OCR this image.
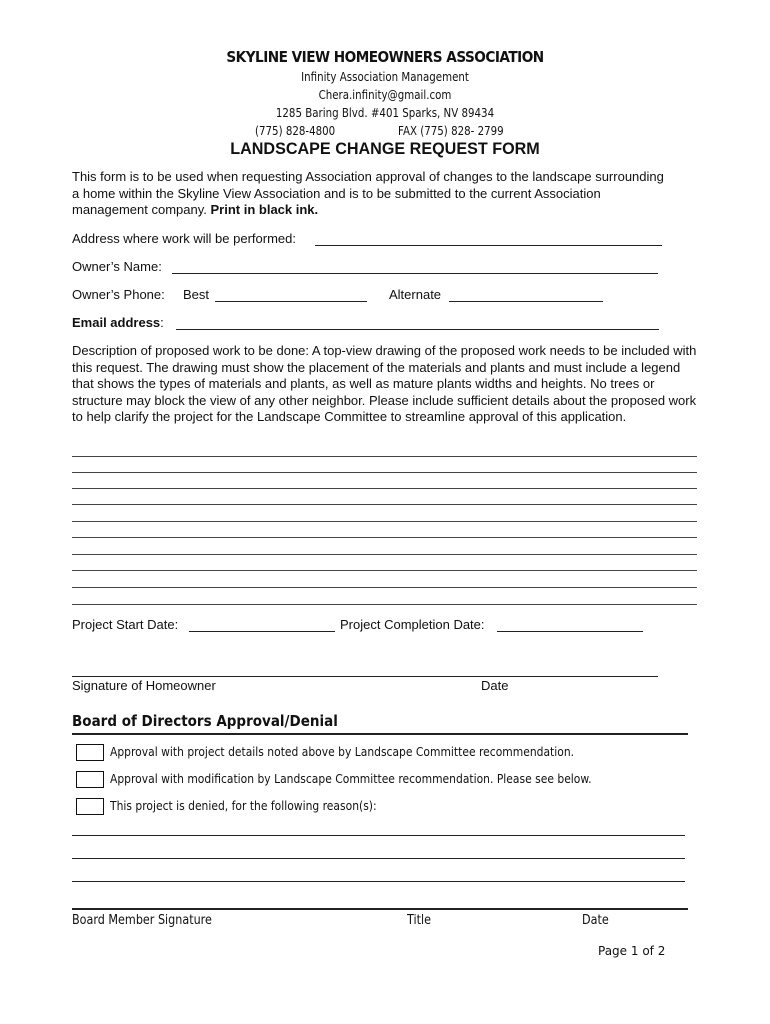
SKYLINE VIEW HOMEOWNERS ASSOCIATION
Infinity Association Management
Chera.infinity@gmail.com
1285 Baring Blvd. #401 Sparks, NV 89434
(775) 828-4800	FAX (775) 828- 2799
LANDSCAPE CHANGE REQUEST FORM
This form is to be used when requesting Association approval of changes to the landscape surrounding a home within the Skyline View Association and is to be submitted to the current Association management company. Print in black ink.
Address where work will be performed:
Owner’s Name:
Owner’s Phone: Best	Alternate
Email address:
Description of proposed work to be done: A top-view drawing of the proposed work needs to be included with this request. The drawing must show the placement of the materials and plants and must include a legend that shows the types of materials and plants, as well as mature plants widths and heights. No trees or structure may block the view of any other neighbor. Please include sufficient details about the proposed work to help clarify the project for the Landscape Committee to streamline approval of this application.
Project Start Date:	Project Completion Date:
Signature of Homeowner	Date
Board of Directors Approval/Denial
Approval with project details noted above by Landscape Committee recommendation.
Approval with modification by Landscape Committee recommendation. Please see below.
This project is denied, for the following reason(s):
Board Member Signature	Title	Date
Page 1 of 2
